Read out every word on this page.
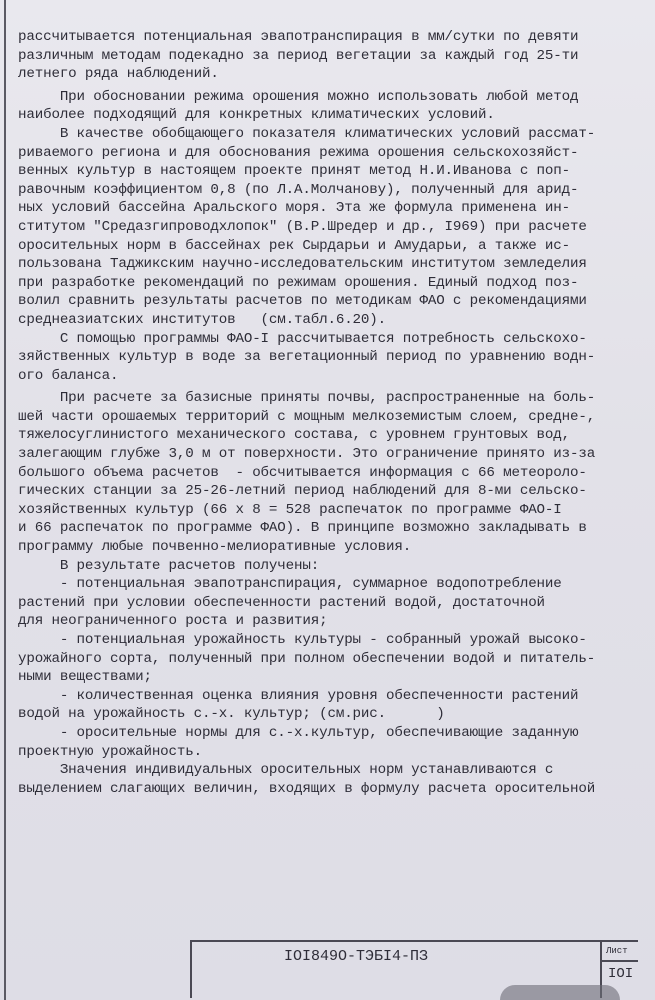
рассчитывается потенциальная эвапотранспирация в мм/сутки по девяти
различным методам подекадно за период вегетации за каждый год 25-ти
летнего ряда наблюдений.
При обосновании режима орошения можно использовать любой метод
наиболее подходящий для конкретных климатических условий.
В качестве обобщающего показателя климатических условий рассмат-
риваемого региона и для обоснования режима орошения сельскохозяйст-
венных культур в настоящем проекте принят метод Н.И.Иванова с поп-
равочным коэффициентом 0,8 (по Л.А.Молчанову), полученный для арид-
ных условий бассейна Аральского моря. Эта же формула применена ин-
ститутом "Средазгипроводхлопок" (В.Р.Шредер и др., I969) при расчете
оросительных норм в бассейнах рек Сырдарьи и Амударьи, а также ис-
пользована Таджикским научно-исследовательским институтом земледелия
при разработке рекомендаций по режимам орошения. Единый подход поз-
волил сравнить результаты расчетов по методикам ФАО с рекомендациями
среднеазиатских институтов   (см.табл.6.20).
С помощью программы ФАО-I рассчитывается потребность сельскохо-
зяйственных культур в воде за вегетационный период по уравнению водн-
ого баланса.
При расчете за базисные приняты почвы, распространенные на боль-
шей части орошаемых территорий с мощным мелкоземистым слоем, средне-,
тяжелосуглинистого механического состава, с уровнем грунтовых вод,
залегающим глубже 3,0 м от поверхности. Это ограничение принято из-за
большого объема расчетов  - обсчитывается информация с 66 метеороло-
гических станции за 25-26-летний период наблюдений для 8-ми сельско-
хозяйственных культур (66 х 8 = 528 распечаток по программе ФАО-I
и 66 распечаток по программе ФАО). В принципе возможно закладывать в
программу любые почвенно-мелиоративные условия.
В результате расчетов получены:
- потенциальная эвапотранспирация, суммарное водопотребление
растений при условии обеспеченности растений водой, достаточной
для неограниченного роста и развития;
- потенциальная урожайность культуры - собранный урожай высоко-
урожайного сорта, полученный при полном обеспечении водой и питатель-
ными веществами;
- количественная оценка влияния уровня обеспеченности растений
водой на урожайность с.-х. культур; (см.рис.      )
- оросительные нормы для с.-х.культур, обеспечивающие заданную
проектную урожайность.
Значения индивидуальных оросительных норм устанавливаются с
выделением слагающих величин, входящих в формулу расчета оросительной
IOI849O-ТЭБI4-ПЗ	Лист
IOI
